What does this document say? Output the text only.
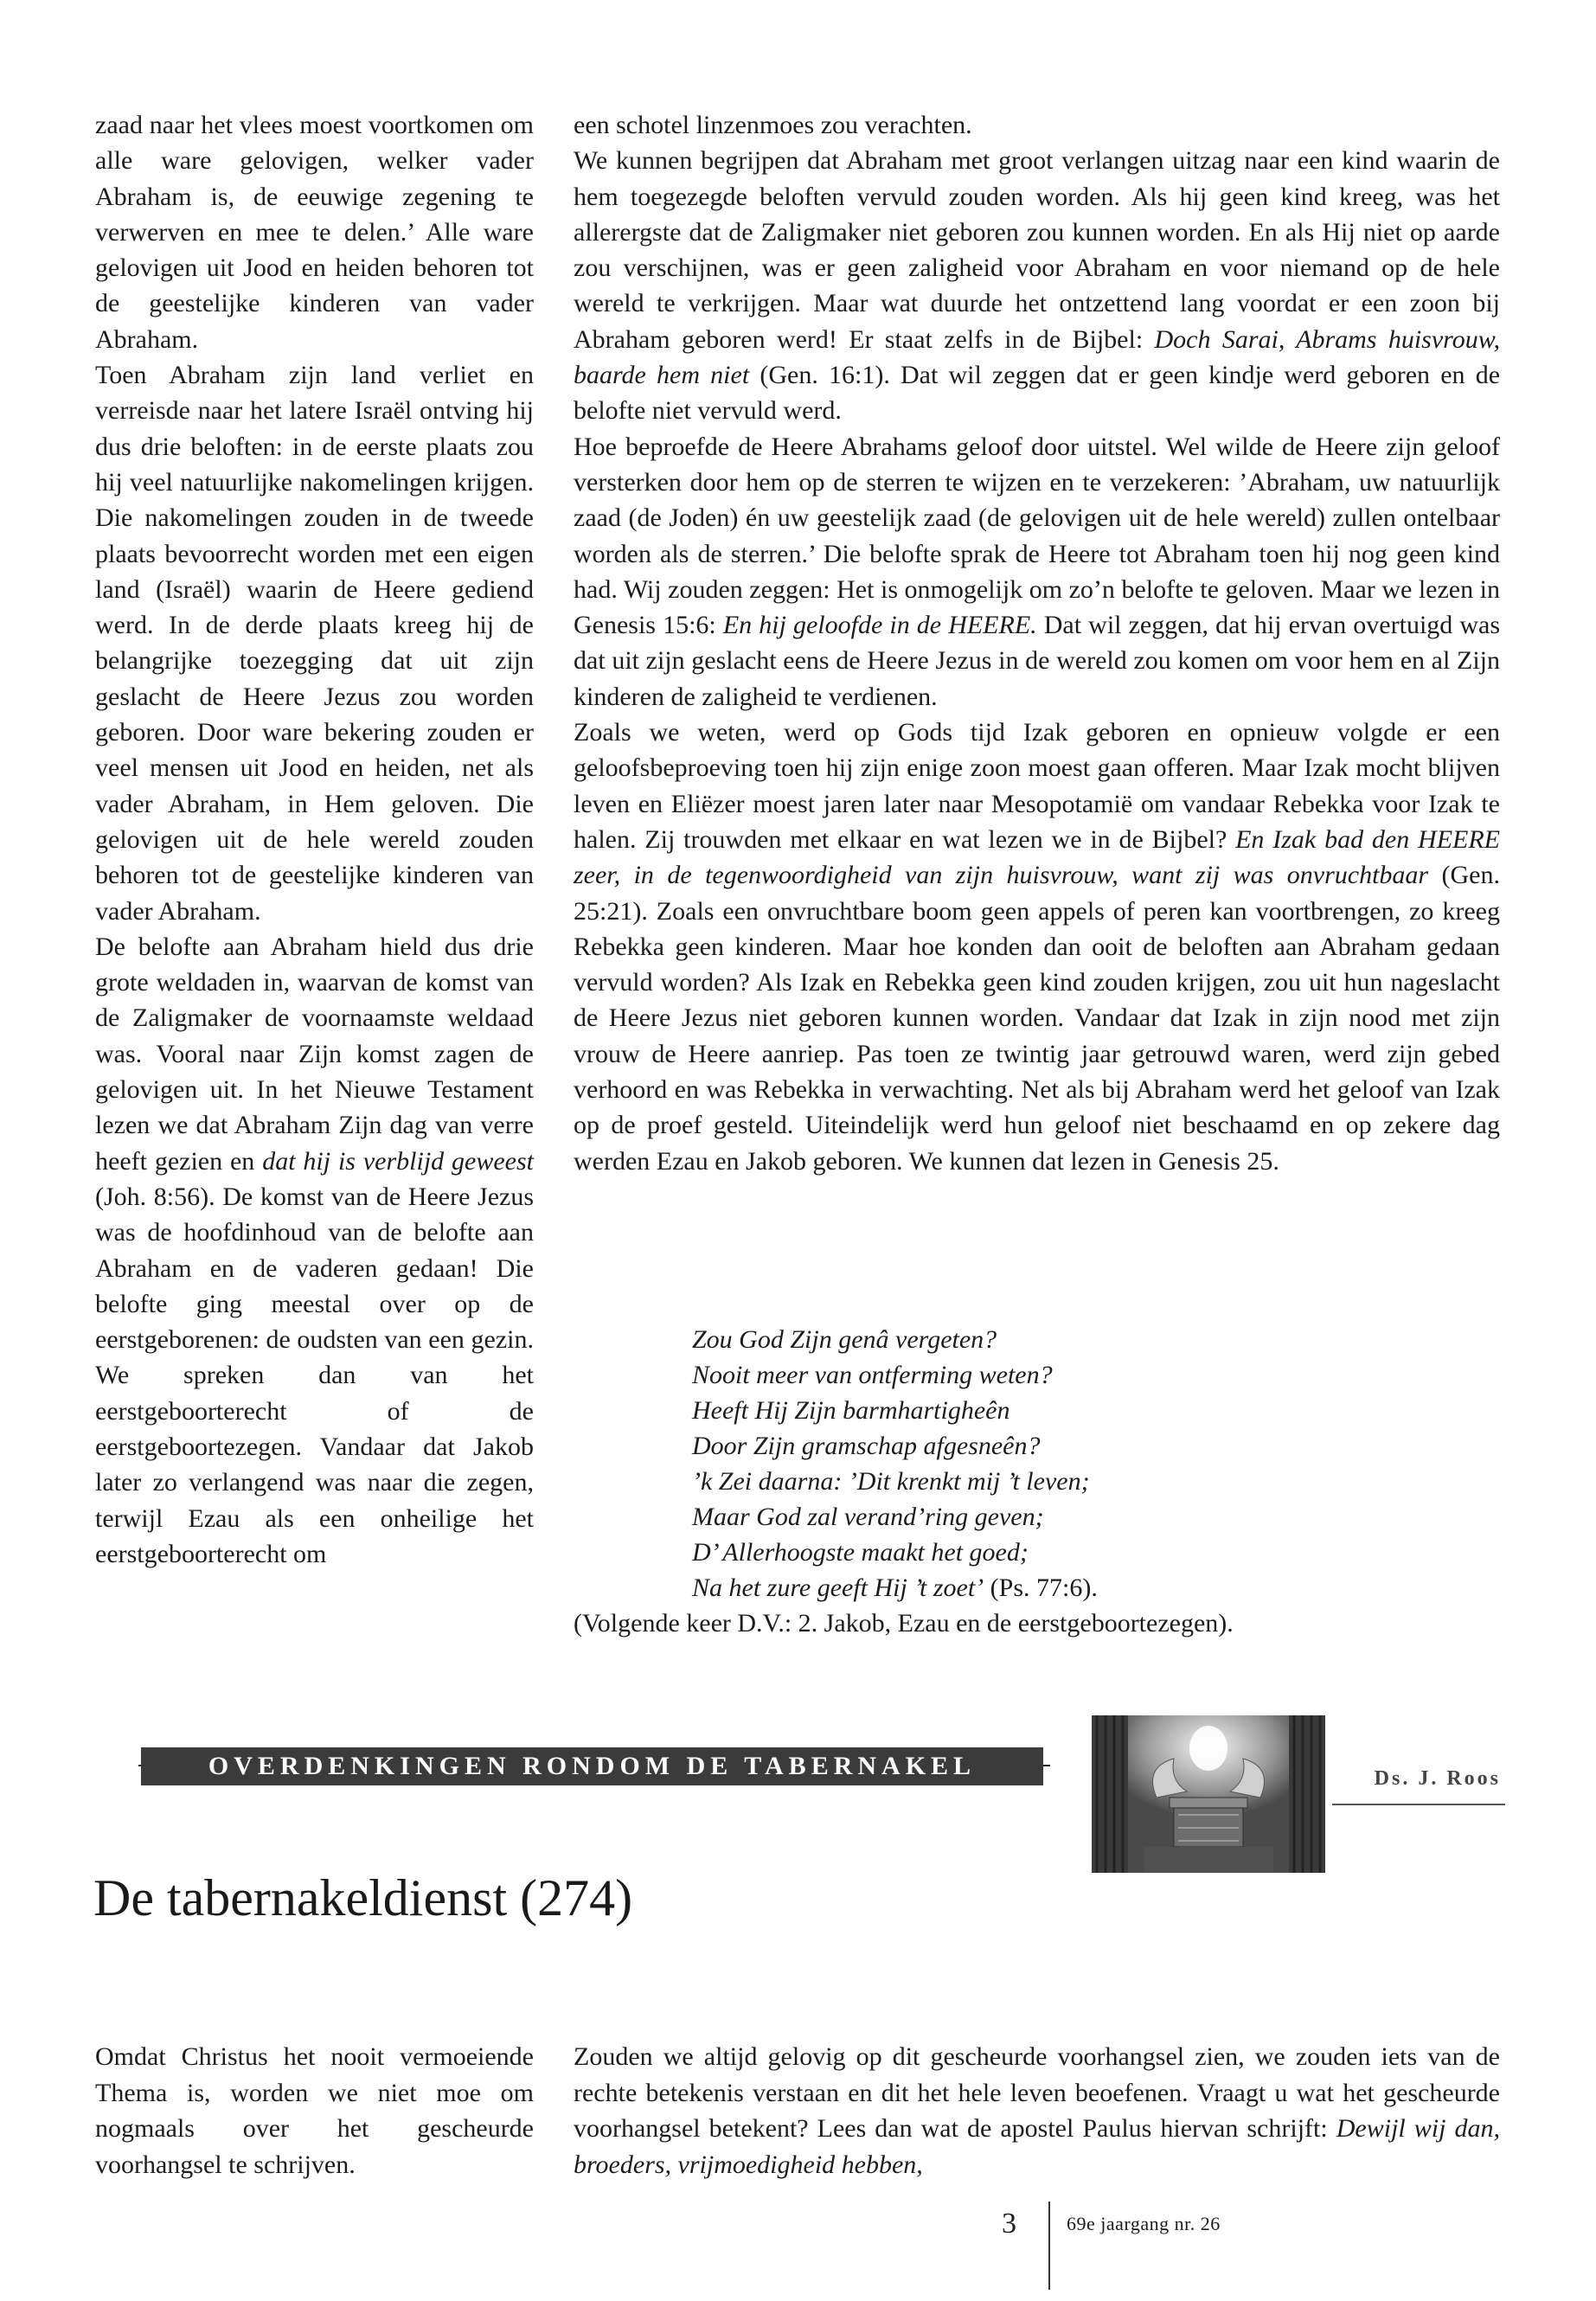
zaad naar het vlees moest voortkomen om alle ware gelovigen, welker vader Abraham is, de eeuwige zegening te verwerven en mee te delen.’ Alle ware gelovigen uit Jood en heiden behoren tot de geestelijke kinderen van vader Abraham.

Toen Abraham zijn land verliet en verreisde naar het latere Israël ontving hij dus drie beloften: in de eerste plaats zou hij veel natuurlijke nakomelingen krijgen. Die nakomelingen zouden in de tweede plaats bevoorrecht worden met een eigen land (Israël) waarin de Heere gediend werd. In de derde plaats kreeg hij de belangrijke toezegging dat uit zijn geslacht de Heere Jezus zou worden geboren. Door ware bekering zouden er veel mensen uit Jood en heiden, net als vader Abraham, in Hem geloven. Die gelovigen uit de hele wereld zouden behoren tot de geestelijke kinderen van vader Abraham.

De belofte aan Abraham hield dus drie grote weldaden in, waarvan de komst van de Zaligmaker de voornaamste weldaad was. Vooral naar Zijn komst zagen de gelovigen uit. In het Nieuwe Testament lezen we dat Abraham Zijn dag van verre heeft gezien en dat hij is verblijd geweest (Joh. 8:56). De komst van de Heere Jezus was de hoofdinhoud van de belofte aan Abraham en de vaderen gedaan! Die belofte ging meestal over op de eerstgeborenen: de oudsten van een gezin. We spreken dan van het eerstgeboorterecht of de eerstgeboortezegen. Vandaar dat Jakob later zo verlangend was naar die zegen, terwijl Ezau als een onheilige het eerstgeboorterecht om

een schotel linzenmoes zou verachten.

We kunnen begrijpen dat Abraham met groot verlangen uitzag naar een kind waarin de hem toegezegde beloften vervuld zouden worden. Als hij geen kind kreeg, was het allerergste dat de Zaligmaker niet geboren zou kunnen worden. En als Hij niet op aarde zou verschijnen, was er geen zaligheid voor Abraham en voor niemand op de hele wereld te verkrijgen. Maar wat duurde het ontzettend lang voordat er een zoon bij Abraham geboren werd! Er staat zelfs in de Bijbel: Doch Sarai, Abrams huisvrouw, baarde hem niet (Gen. 16:1). Dat wil zeggen dat er geen kindje werd geboren en de belofte niet vervuld werd.

Hoe beproefde de Heere Abrahams geloof door uitstel. Wel wilde de Heere zijn geloof versterken door hem op de sterren te wijzen en te verzekeren: ’Abraham, uw natuurlijk zaad (de Joden) én uw geestelijk zaad (de gelovigen uit de hele wereld) zullen ontelbaar worden als de sterren.’ Die belofte sprak de Heere tot Abraham toen hij nog geen kind had. Wij zouden zeggen: Het is onmogelijk om zo’n belofte te geloven. Maar we lezen in Genesis 15:6: En hij geloofde in de HEERE. Dat wil zeggen, dat hij ervan overtuigd was dat uit zijn geslacht eens de Heere Jezus in de wereld zou komen om voor hem en al Zijn kinderen de zaligheid te verdienen.

Zoals we weten, werd op Gods tijd Izak geboren en opnieuw volgde er een geloofsbeproeving toen hij zijn enige zoon moest gaan offeren. Maar Izak mocht blijven leven en Eliëzer moest jaren later naar Mesopotamië om vandaar Rebekka voor Izak te halen. Zij trouwden met elkaar en wat lezen we in de Bijbel? En Izak bad den HEERE zeer, in de tegenwoordigheid van zijn huisvrouw, want zij was onvruchtbaar (Gen. 25:21). Zoals een onvruchtbare boom geen appels of peren kan voortbrengen, zo kreeg Rebekka geen kinderen. Maar hoe konden dan ooit de beloften aan Abraham gedaan vervuld worden? Als Izak en Rebekka geen kind zouden krijgen, zou uit hun nageslacht de Heere Jezus niet geboren kunnen worden. Vandaar dat Izak in zijn nood met zijn vrouw de Heere aanriep. Pas toen ze twintig jaar getrouwd waren, werd zijn gebed verhoord en was Rebekka in verwachting. Net als bij Abraham werd het geloof van Izak op de proef gesteld. Uiteindelijk werd hun geloof niet beschaamd en op zekere dag werden Ezau en Jakob geboren. We kunnen dat lezen in Genesis 25.

Zou God Zijn genâ vergeten?
Nooit meer van ontferming weten?
Heeft Hij Zijn barmhartigheên
Door Zijn gramschap afgesneên?
’k Zei daarna: ’Dit krenkt mij ’t leven;
Maar God zal verand’ring geven;
D’ Allerhoogste maakt het goed;
Na het zure geeft Hij ’t zoet’ (Ps. 77:6).
(Volgende keer D.V.: 2. Jakob, Ezau en de eerstgeboortezegen).
OVERDENKINGEN RONDOM DE TABERNAKEL	Ds. J. Roos
De tabernakeldienst (274)

Omdat Christus het nooit vermoeiende Thema is, worden we niet moe om nogmaals over het gescheurde voorhangsel te schrijven.

Zouden we altijd gelovig op dit gescheurde voorhangsel zien, we zouden iets van de rechte betekenis verstaan en dit het hele leven beoefenen. Vraagt u wat het gescheurde voorhangsel betekent? Lees dan wat de apostel Paulus hiervan schrijft: Dewijl wij dan, broeders, vrijmoedigheid hebben,

3	69e jaargang nr. 26
